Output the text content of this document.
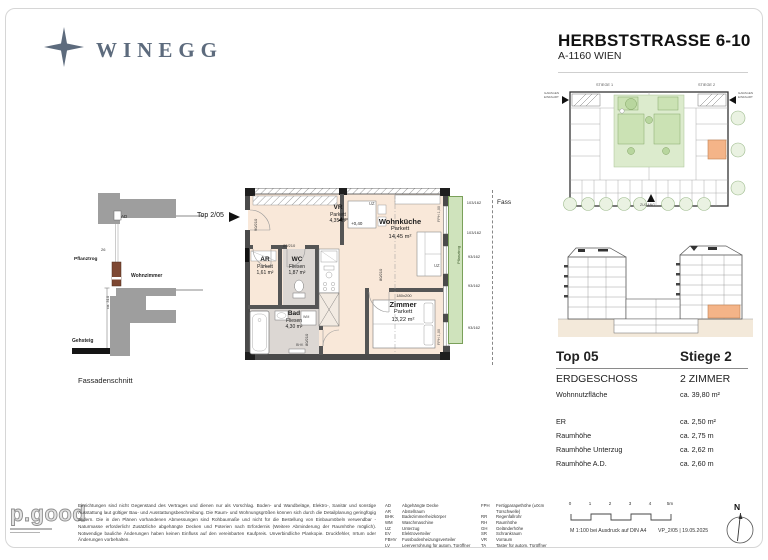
WINEGG	HERBSTSTRASSE 6-10
A-1160 WIEN
STIEGE 1	STIEGE 2
GARAGEN EINFAHRT
GARAGEN EINFAHRT
ZUGANG
Top 05	Stiege 2
ERDGESCHOSS	2 ZIMMER
Wohnnutzfläche	ca. 39,80 m²
ER	ca. 2,50 m²
Raumhöhe	ca. 2,75 m
Raumhöhe Unterzug	ca. 2,62 m
Raumhöhe A.D.	ca. 2,60 m
AD
26
Pflanztrog
Wohnzimmer
ca. 310
Gehsteig
Fassadenschnitt
Top 2/05
VR
Parkett
4,35 m²
AR
Parkett
1,61 m²
WC
Fliesen
1,87 m²
Bad
Fliesen
4,30 m²
Wohnküche
Parkett
14,45 m²
Zimmer
Parkett
13,22 m²
180x200
+0,40
UZ
UZ
FPH 1,00
FPH 1,00
BHK
WM
90/210
80/210
80/210
80/210
Pflanztrog
103/162
103/162
93/162
93/162
93/162
Fass
p.good
Einrichtungen sind nicht Gegenstand des Vertrages und dienen nur als Vorschlag. Boden- und Wandbeläge, Elektro-, Sanitär und sonstige Ausstattung laut gültiger Bau- und Ausstattungsbeschreibung. Die Raum- und Wohnungsgrößen können sich durch die Detailplanung geringfügig ändern. Die in den Plänen vorhandenen Abmessungen sind Rohbaumaße und nicht für die Bestellung von Einbaumöbeln verwendbar - Naturmasse erforderlich! Zusätzliche abgehängte Decken und Poterien nach Erfordernis (Weitere Abminderung der Raumhöhe möglich). Notwendige bauliche Änderungen haben keinen Einfluss auf den vereinbarten Kaufpreis. Unverbindliche Plankopie. Druckfehler, Irrtum oder Änderungen vorbehalten.
AD	Abgehängte Decke
AR	Abstellraum
BHK	Badezimmerheizkörper
WM	Waschmaschine
UZ	Unterzug
EV	Elektroverteiler
FBHV	Fussbodenheizungsverteiler
LV	Leerverrohrung für autom. Türöffner
FPH	Fertigparapethöhe (±0cm Türschwelle)
RR	Regenfallrohr
RH	Raumhöhe
GH	Geländerhöhe
SR	Schrankraum
VR	Vorraum
TA	Taster für autom. Türöffner
0	1	2	3	4	5m
M 1:100 bei Ausdruck auf DIN A4 VP_2/05 | 19.05.2025
N
